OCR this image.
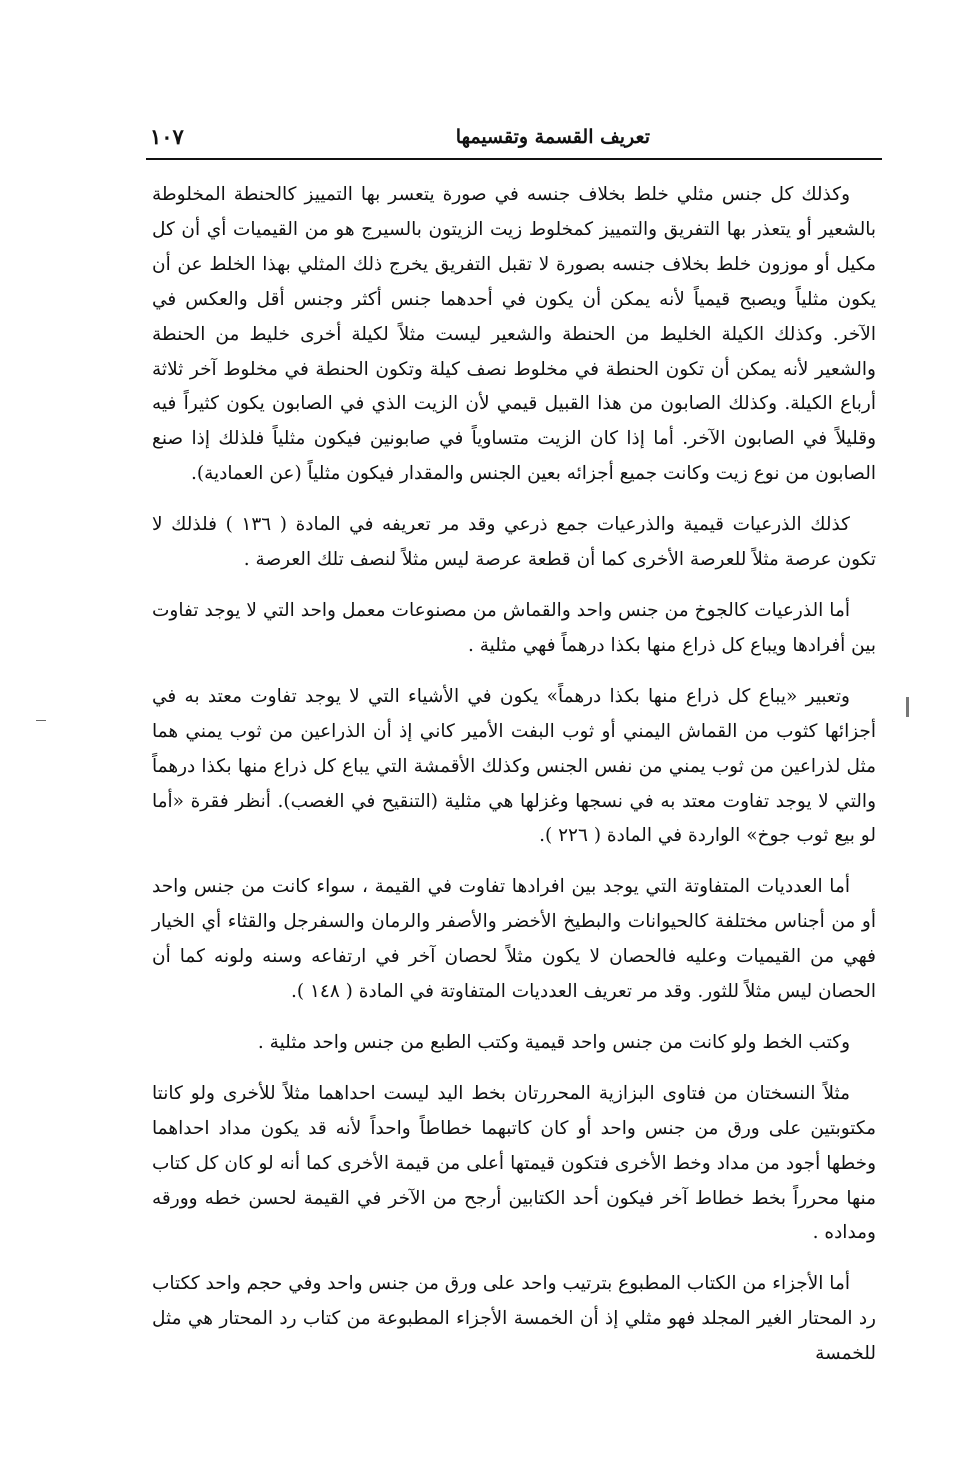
تعريف القسمة وتقسيمها
١٠٧

وكذلك كل جنس مثلي خلط بخلاف جنسه في صورة يتعسر بها التمييز كالحنطة المخلوطة بالشعير أو يتعذر بها التفريق والتمييز كمخلوط زيت الزيتون بالسيرج هو من القيميات أي أن كل مكيل أو موزون خلط بخلاف جنسه بصورة لا تقبل التفريق يخرج ذلك المثلي بهذا الخلط عن أن يكون مثلياً ويصبح قيمياً لأنه يمكن أن يكون في أحدهما جنس أكثر وجنس أقل والعكس في الآخر. وكذلك الكيلة الخليط من الحنطة والشعير ليست مثلاً لكيلة أخرى خليط من الحنطة والشعير لأنه يمكن أن تكون الحنطة في مخلوط نصف كيلة وتكون الحنطة في مخلوط آخر ثلاثة أرباع الكيلة. وكذلك الصابون من هذا القبيل قيمي لأن الزيت الذي في الصابون يكون كثيراً فيه وقليلاً في الصابون الآخر. أما إذا كان الزيت متساوياً في صابونين فيكون مثلياً فلذلك إذا صنع الصابون من نوع زيت وكانت جميع أجزائه بعين الجنس والمقدار فيكون مثلياً (عن العمادية).

كذلك الذرعيات قيمية والذرعيات جمع ذرعي وقد مر تعريفه في المادة ( ١٣٦ ) فلذلك لا تكون عرصة مثلاً للعرصة الأخرى كما أن قطعة عرصة ليس مثلاً لنصف تلك العرصة .

أما الذرعيات كالجوخ من جنس واحد والقماش من مصنوعات معمل واحد التي لا يوجد تفاوت بين أفرادها ويباع كل ذراع منها بكذا درهماً فهي مثلية .

وتعبير «يباع كل ذراع منها بكذا درهماً» يكون في الأشياء التي لا يوجد تفاوت معتد به في أجزائها كثوب من القماش اليمني أو ثوب البفت الأمير كاني إذ أن الذراعين من ثوب يمني هما مثل لذراعين من ثوب يمني من نفس الجنس وكذلك الأقمشة التي يباع كل ذراع منها بكذا درهماً والتي لا يوجد تفاوت معتد به في نسجها وغزلها هي مثلية (التنقيح في الغصب). أنظر فقرة «أما لو بيع ثوب جوخ» الواردة في المادة ( ٢٢٦ ).

أما العدديات المتفاوتة التي يوجد بين افرادها تفاوت في القيمة ، سواء كانت من جنس واحد أو من أجناس مختلفة كالحيوانات والبطيخ الأخضر والأصفر والرمان والسفرجل والقثاء أي الخيار فهي من القيميات وعليه فالحصان لا يكون مثلاً لحصان آخر في ارتفاعه وسنه ولونه كما أن الحصان ليس مثلاً للثور. وقد مر تعريف العدديات المتفاوتة في المادة ( ١٤٨ ).

وكتب الخط ولو كانت من جنس واحد قيمية وكتب الطبع من جنس واحد مثلية .

مثلاً النسختان من فتاوى البزازية المحررتان بخط اليد ليست احداهما مثلاً للأخرى ولو كانتا مكتوبتين على ورق من جنس واحد أو كان كاتبهما خطاطاً واحداً لأنه قد يكون مداد احداهما وخطها أجود من مداد وخط الأخرى فتكون قيمتها أعلى من قيمة الأخرى كما أنه لو كان كل كتاب منها محرراً بخط خطاط آخر فيكون أحد الكتابين أرجح من الآخر في القيمة لحسن خطه وورقه ومداده .

أما الأجزاء من الكتاب المطبوع بترتيب واحد على ورق من جنس واحد وفي حجم واحد ككتاب رد المحتار الغير المجلد فهو مثلي إذ أن الخمسة الأجزاء المطبوعة من كتاب رد المحتار هي مثل للخمسة
